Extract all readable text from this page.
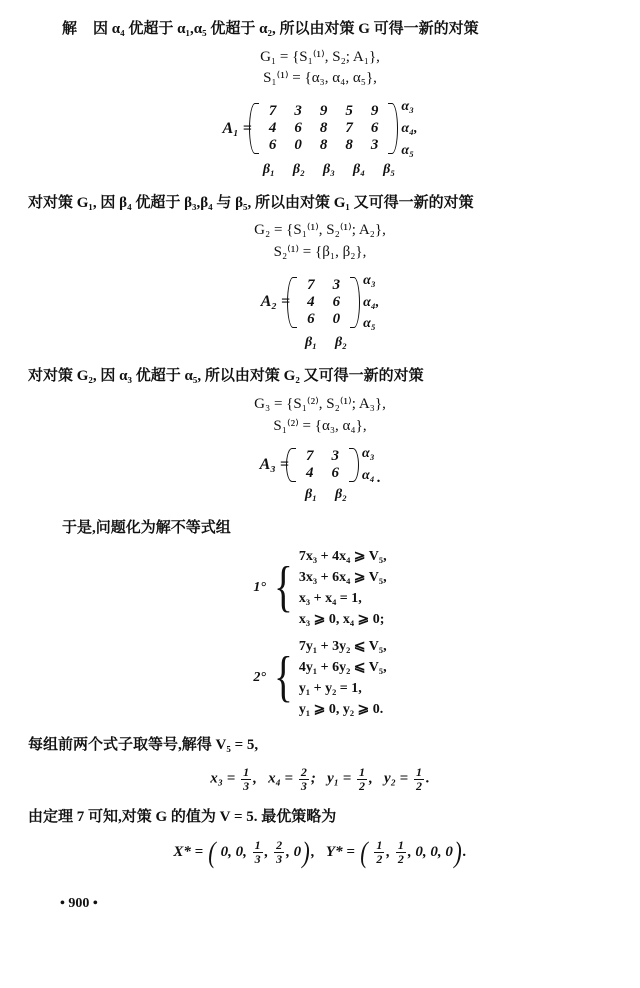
解 因 α₄ 优超于 α₁,α₅ 优超于 α₂, 所以由对策 G 可得一新的对策
G₁ = {S₁⁽¹⁾, S₂; A₁},
S₁⁽¹⁾ = {α₃, α₄, α₅},
A₁ =
7	3	9	5	9
4	6	8	7	6
6	0	8	8	3
α₃
α₄,
α₅
β₁	β₂	β₃	β₄	β₅
对对策 G₁, 因 β₄ 优超于 β₃,β₄ 与 β₅, 所以由对策 G₁ 又可得一新的对策
G₂ = {S₁⁽¹⁾, S₂⁽¹⁾; A₂},
S₂⁽¹⁾ = {β₁, β₂},
A₂ =
7	3
4	6
6	0
α₃
α₄,
α₅
β₁	β₂
对对策 G₂, 因 α₃ 优超于 α₅, 所以由对策 G₂ 又可得一新的对策
G₃ = {S₁⁽²⁾, S₂⁽¹⁾; A₃},
S₁⁽²⁾ = {α₃, α₄},
A₃ = 7	3
4	6
α₃
α₄ .
β₁	β₂
于是,问题化为解不等式组
1° {
7x₃ + 4x₄ ⩾ V₅,
3x₃ + 6x₄ ⩾ V₅,
x₃ + x₄ = 1,
x₃ ⩾ 0, x₄ ⩾ 0;
2° {
7y₁ + 3y₂ ⩽ V₅,
4y₁ + 6y₂ ⩽ V₅,
y₁ + y₂ = 1,
y₁ ⩾ 0, y₂ ⩾ 0.
每组前两个式子取等号,解得 V₅ = 5,
$x_3 = \frac{1}{3}$ ,   $x_4 = \frac{2}{3}$ ;   $y_1 = \frac{1}{2}$ ,   $y_2 = \frac{1}{2}$ .
由定理 7 可知,对策 G 的值为 V = 5. 最优策略为
X* = ( 0, 0, $\frac{1}{3}$ , $\frac{2}{3}$ , 0),   Y* = ( $\frac{1}{2}$ , $\frac{1}{2}$ , 0, 0, 0).
• 900 •
